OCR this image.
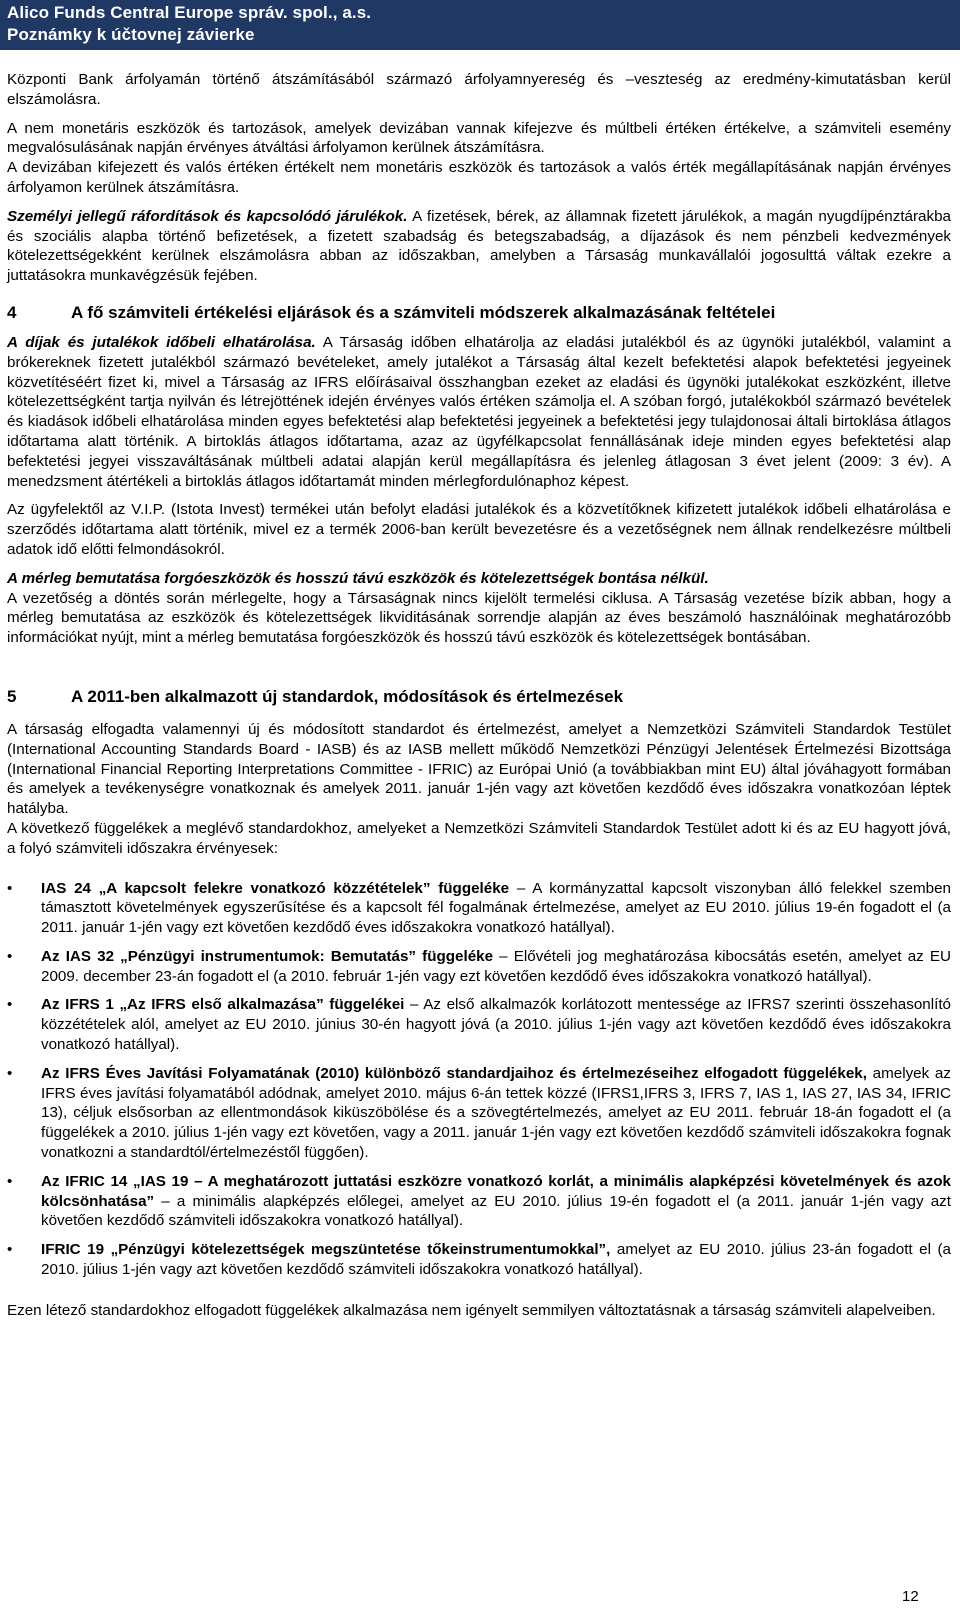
Alico Funds Central Europe správ. spol., a.s.
Poznámky k účtovnej závierke

Központi Bank árfolyamán történő átszámításából származó árfolyamnyereség és –veszteség az eredmény-kimutatásban kerül elszámolásra.

A nem monetáris eszközök és tartozások, amelyek devizában vannak kifejezve és múltbeli értéken értékelve, a számviteli esemény megvalósulásának napján érvényes átváltási árfolyamon kerülnek átszámításra.

A devizában kifejezett és valós értéken értékelt nem monetáris eszközök és tartozások a valós érték megállapításának napján érvényes árfolyamon kerülnek átszámításra.

Személyi jellegű ráfordítások és kapcsolódó járulékok. A fizetések, bérek, az államnak fizetett járulékok, a magán nyugdíjpénztárakba és szociális alapba történő befizetések, a fizetett szabadság és betegszabadság, a díjazások és nem pénzbeli kedvezmények kötelezettségekként kerülnek elszámolásra abban az időszakban, amelyben a Társaság munkavállalói jogosulttá váltak ezekre a juttatásokra munkavégzésük fejében.

4	A fő számviteli értékelési eljárások és a számviteli módszerek alkalmazásának feltételei

A díjak és jutalékok időbeli elhatárolása. A Társaság időben elhatárolja az eladási jutalékból és az ügynöki jutalékból, valamint a brókereknek fizetett jutalékból származó bevételeket, amely jutalékot a Társaság által kezelt befektetési alapok befektetési jegyeinek közvetítéséért fizet ki, mivel a Társaság az IFRS előírásaival összhangban ezeket az eladási és ügynöki jutalékokat eszközként, illetve kötelezettségként tartja nyilván és létrejöttének idején érvényes valós értéken számolja el. A szóban forgó, jutalékokból származó bevételek és kiadások időbeli elhatárolása minden egyes befektetési alap befektetési jegyeinek a befektetési jegy tulajdonosai általi birtoklása átlagos időtartama alatt történik. A birtoklás átlagos időtartama, azaz az ügyfélkapcsolat fennállásának ideje minden egyes befektetési alap befektetési jegyei visszaváltásának múltbeli adatai alapján kerül megállapításra és jelenleg átlagosan 3 évet jelent (2009: 3 év). A menedzsment átértékeli a birtoklás átlagos időtartamát minden mérlegfordulónaphoz képest.

Az ügyfelektől az V.I.P. (Istota Invest) termékei után befolyt eladási jutalékok és a közvetítőknek kifizetett jutalékok időbeli elhatárolása e szerződés időtartama alatt történik, mivel ez a termék 2006-ban került bevezetésre és a vezetőségnek nem állnak rendelkezésre múltbeli adatok idő előtti felmondásokról.

A mérleg bemutatása forgóeszközök és hosszú távú eszközök és kötelezettségek bontása nélkül.

A vezetőség a döntés során mérlegelte, hogy a Társaságnak nincs kijelölt termelési ciklusa. A Társaság vezetése bízik abban, hogy a mérleg bemutatása az eszközök és kötelezettségek likviditásának sorrendje alapján az éves beszámoló használóinak meghatározóbb információkat nyújt, mint a mérleg bemutatása forgóeszközök és hosszú távú eszközök és kötelezettségek bontásában.

5	A 2011-ben alkalmazott új standardok, módosítások és értelmezések

A társaság elfogadta valamennyi új és módosított standardot és értelmezést, amelyet a Nemzetközi Számviteli Standardok Testület (International Accounting Standards Board - IASB) és az IASB mellett működő Nemzetközi Pénzügyi Jelentések Értelmezési Bizottsága (International Financial Reporting Interpretations Committee - IFRIC) az Európai Unió (a továbbiakban mint EU) által jóváhagyott formában és amelyek a tevékenységre vonatkoznak és amelyek 2011. január 1-jén vagy azt követően kezdődő éves időszakra vonatkozóan léptek hatályba.

A következő függelékek a meglévő standardokhoz, amelyeket a Nemzetközi Számviteli Standardok Testület adott ki és az EU hagyott jóvá, a folyó számviteli időszakra érvényesek:

• IAS 24 „A kapcsolt felekre vonatkozó közzétételek” függeléke – A kormányzattal kapcsolt viszonyban álló felekkel szemben támasztott követelmények egyszerűsítése és a kapcsolt fél fogalmának értelmezése, amelyet az EU 2010. július 19-én fogadott el (a 2011. január 1-jén vagy ezt követően kezdődő éves időszakokra vonatkozó hatállyal).
• Az IAS 32 „Pénzügyi instrumentumok: Bemutatás” függeléke – Elővételi jog meghatározása kibocsátás esetén, amelyet az EU 2009. december 23-án fogadott el (a 2010. február 1-jén vagy ezt követően kezdődő éves időszakokra vonatkozó hatállyal).
• Az IFRS 1 „Az IFRS első alkalmazása” függelékei – Az első alkalmazók korlátozott mentessége az IFRS7 szerinti összehasonlító közzétételek alól, amelyet az EU 2010. június 30-én hagyott jóvá (a 2010. július 1-jén vagy azt követően kezdődő éves időszakokra vonatkozó hatállyal).
• Az IFRS Éves Javítási Folyamatának (2010) különböző standardjaihoz és értelmezéseihez elfogadott függelékek, amelyek az IFRS éves javítási folyamatából adódnak, amelyet 2010. május 6-án tettek közzé (IFRS1,IFRS 3, IFRS 7, IAS 1, IAS 27, IAS 34, IFRIC 13), céljuk elsősorban az ellentmondások kiküszöbölése és a szövegtértelmezés, amelyet az EU 2011. február 18-án fogadott el (a függelékek a 2010. július 1-jén vagy ezt követően, vagy a 2011. január 1-jén vagy ezt követően kezdődő számviteli időszakokra fognak vonatkozni a standardtól/értelmezéstől függően).
• Az IFRIC 14 „IAS 19 – A meghatározott juttatási eszközre vonatkozó korlát, a minimális alapképzési követelmények és azok kölcsönhatása” – a minimális alapképzés előlegei, amelyet az EU 2010. július 19-én fogadott el (a 2011. január 1-jén vagy azt követően kezdődő számviteli időszakokra vonatkozó hatállyal).
• IFRIC 19 „Pénzügyi kötelezettségek megszüntetése tőkeinstrumentumokkal”, amelyet az EU 2010. július 23-án fogadott el (a 2010. július 1-jén vagy azt követően kezdődő számviteli időszakokra vonatkozó hatállyal).

Ezen létező standardokhoz elfogadott függelékek alkalmazása nem igényelt semmilyen változtatásnak a társaság számviteli alapelveiben.

12
